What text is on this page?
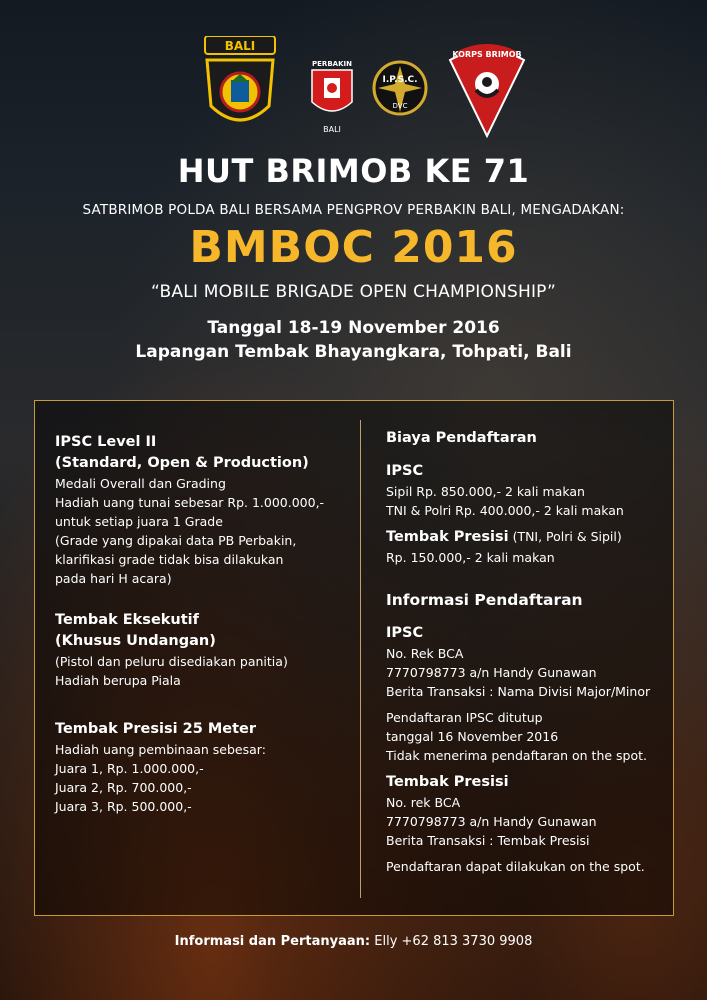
BALI
PERBAKIN
BALI
I.P.S.C.
DVC
KORPS BRIMOB
HUT BRIMOB KE 71
SATBRIMOB POLDA BALI BERSAMA PENGPROV PERBAKIN BALI, MENGADAKAN:
BMBOC 2016
“BALI MOBILE BRIGADE OPEN CHAMPIONSHIP”
Tanggal 18-19 November 2016
Lapangan Tembak Bhayangkara, Tohpati, Bali
IPSC Level II
(Standard, Open & Production)
Medali Overall dan Grading
Hadiah uang tunai sebesar Rp. 1.000.000,-
untuk setiap juara 1 Grade
(Grade yang dipakai data PB Perbakin,
klarifikasi grade tidak bisa dilakukan
pada hari H acara)
Tembak Eksekutif
(Khusus Undangan)
(Pistol dan peluru disediakan panitia)
Hadiah berupa Piala
Tembak Presisi 25 Meter
Hadiah uang pembinaan sebesar:
Juara 1, Rp. 1.000.000,-
Juara 2, Rp. 700.000,-
Juara 3, Rp. 500.000,-
Biaya Pendaftaran
IPSC
Sipil Rp. 850.000,- 2 kali makan
TNI & Polri Rp. 400.000,- 2 kali makan
Tembak Presisi (TNI, Polri & Sipil)
Rp. 150.000,- 2 kali makan
Informasi Pendaftaran
IPSC
No. Rek BCA
7770798773 a/n Handy Gunawan
Berita Transaksi : Nama Divisi Major/Minor
Pendaftaran IPSC ditutup
tanggal 16 November 2016
Tidak menerima pendaftaran on the spot.
Tembak Presisi
No. rek BCA
7770798773 a/n Handy Gunawan
Berita Transaksi : Tembak Presisi
Pendaftaran dapat dilakukan on the spot.
Informasi dan Pertanyaan: Elly +62 813 3730 9908
